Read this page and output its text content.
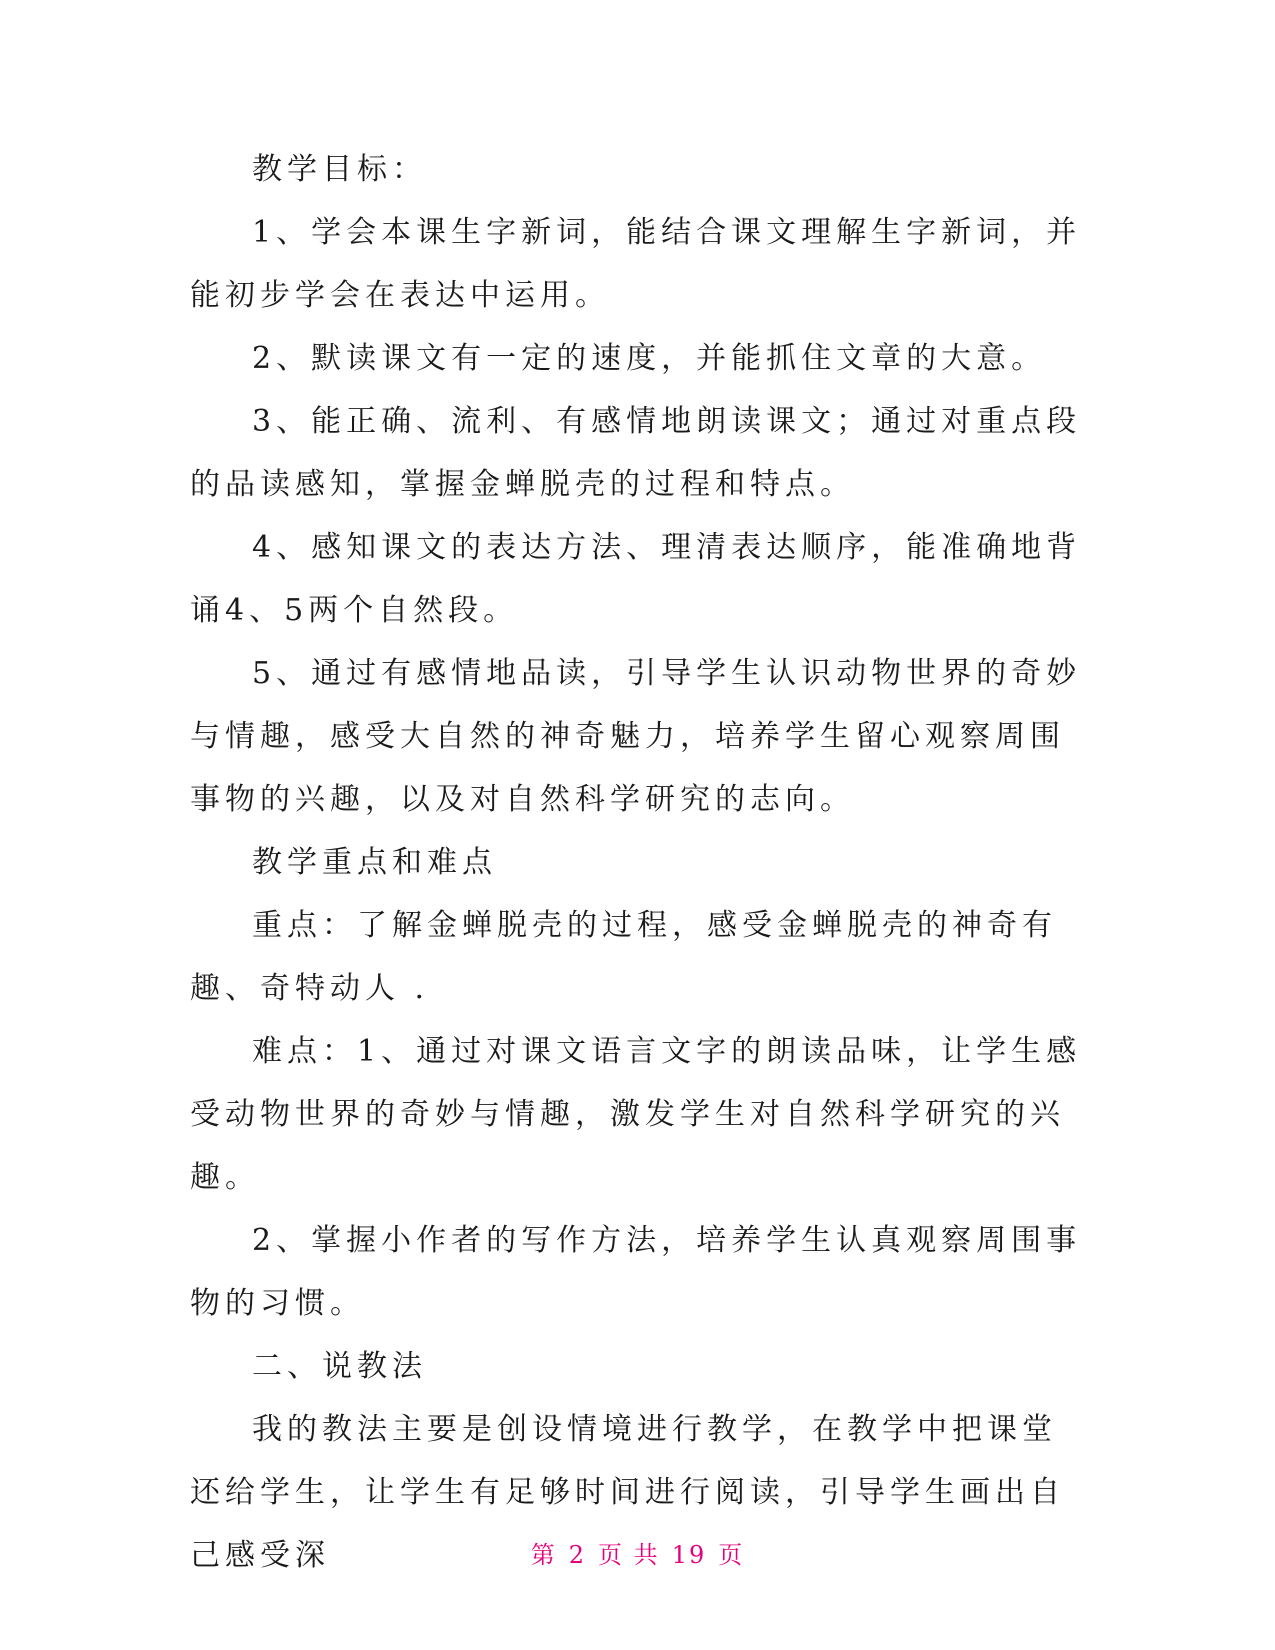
教学目标：

1、学会本课生字新词，能结合课文理解生字新词，并能初步学会在表达中运用。

2、默读课文有一定的速度，并能抓住文章的大意。

3、能正确、流利、有感情地朗读课文；通过对重点段的品读感知，掌握金蝉脱壳的过程和特点。

4、感知课文的表达方法、理清表达顺序，能准确地背诵4、5两个自然段。

5、通过有感情地品读，引导学生认识动物世界的奇妙与情趣，感受大自然的神奇魅力，培养学生留心观察周围事物的兴趣，以及对自然科学研究的志向。

教学重点和难点

重点：了解金蝉脱壳的过程，感受金蝉脱壳的神奇有趣、奇特动人 .

难点：1、通过对课文语言文字的朗读品味，让学生感受动物世界的奇妙与情趣，激发学生对自然科学研究的兴趣。

2、掌握小作者的写作方法，培养学生认真观察周围事物的习惯。

二、说教法

我的教法主要是创设情境进行教学，在教学中把课堂还给学生，让学生有足够时间进行阅读，引导学生画出自己感受深	第 2 页 共 19 页
